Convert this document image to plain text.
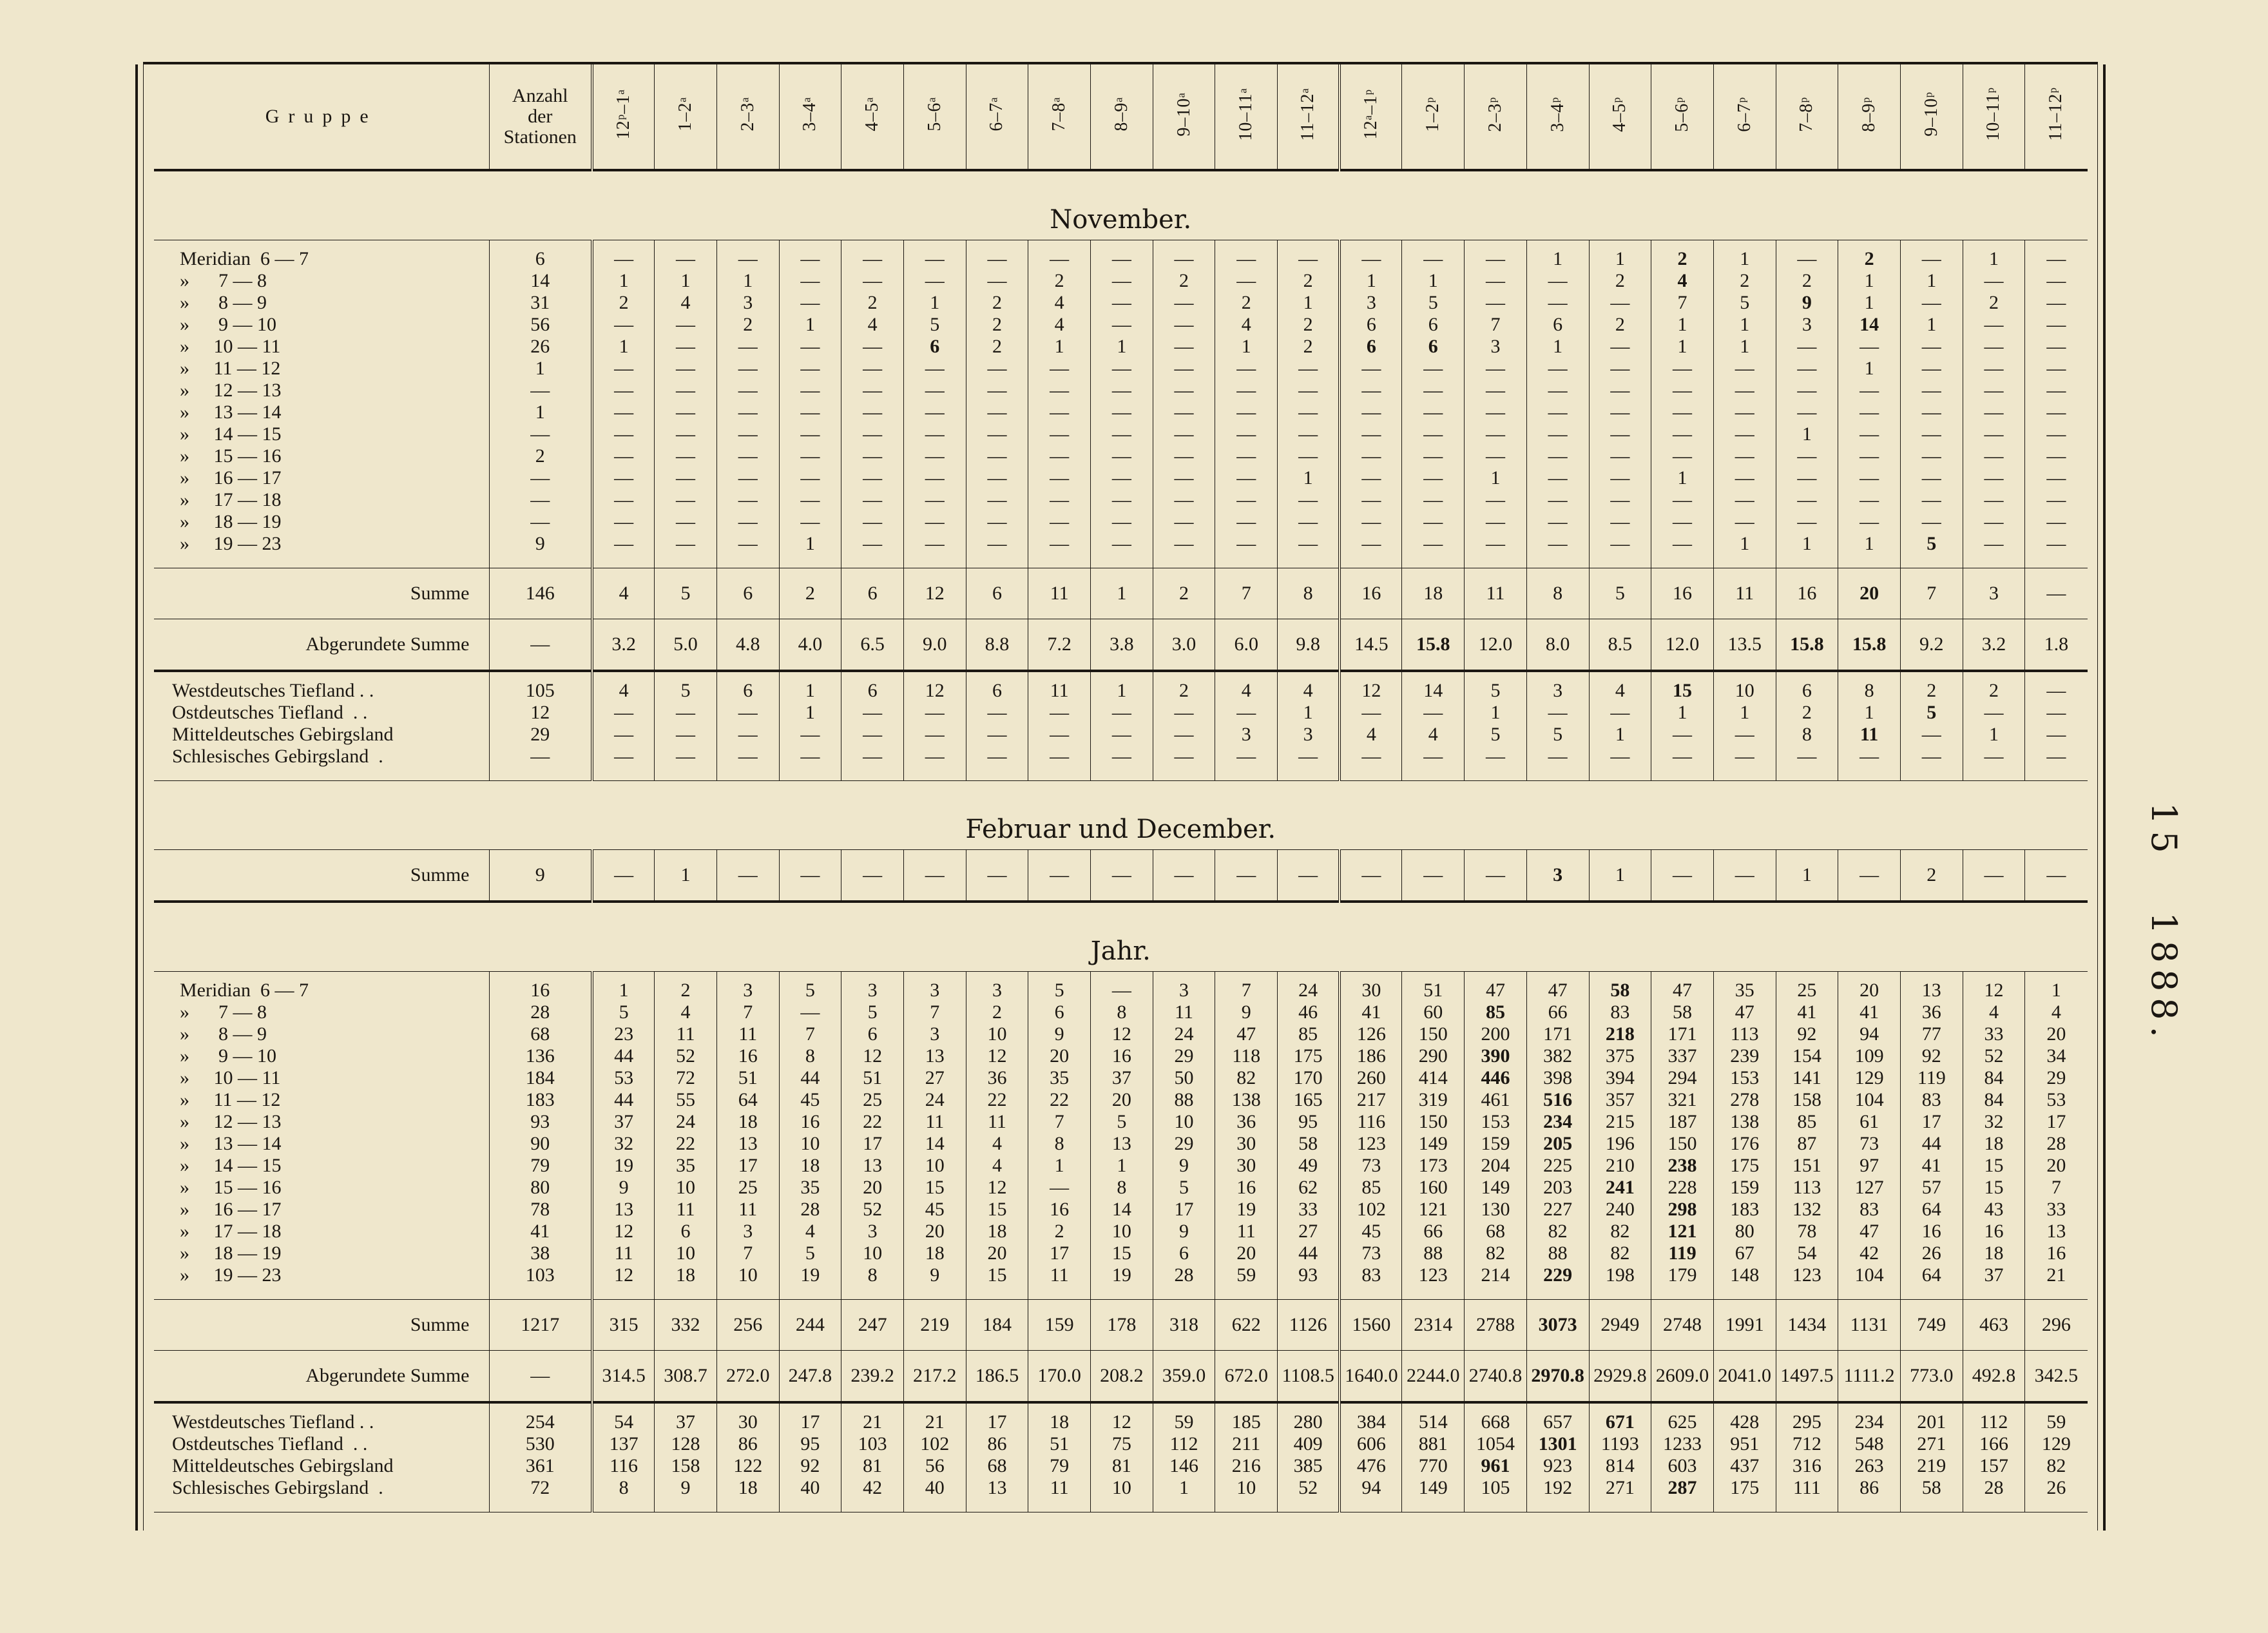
Gruppe	Anzahl
der
Stationen	12ᵖ–1ᵃ	1–2ᵃ	2–3ᵃ	3–4ᵃ	4–5ᵃ	5–6ᵃ	6–7ᵃ	7–8ᵃ	8–9ᵃ	9–10ᵃ	10–11ᵃ	11–12ᵃ	12ᵃ–1ᵖ	1–2ᵖ	2–3ᵖ	3–4ᵖ	4–5ᵖ	5–6ᵖ	6–7ᵖ	7–8ᵖ	8–9ᵖ	9–10ᵖ	10–11ᵖ	11–12ᵖ
November.																									
Meridian  6 — 7	6	—	—	—	—	—	—	—	—	—	—	—	—	—	—	—	1	1	2	1	—	2	—	1	—
»      7 — 8	14	1	1	1	—	—	—	—	2	—	2	—	2	1	1	—	—	2	4	2	2	1	1	—	—
»      8 — 9	31	2	4	3	—	2	1	2	4	—	—	2	1	3	5	—	—	—	7	5	9	1	—	2	—
»      9 — 10	56	—	—	2	1	4	5	2	4	—	—	4	2	6	6	7	6	2	1	1	3	14	1	—	—
»     10 — 11	26	1	—	—	—	—	6	2	1	1	—	1	2	6	6	3	1	—	1	1	—	—	—	—	—
»     11 — 12	1	—	—	—	—	—	—	—	—	—	—	—	—	—	—	—	—	—	—	—	—	1	—	—	—
»     12 — 13	—	—	—	—	—	—	—	—	—	—	—	—	—	—	—	—	—	—	—	—	—	—	—	—	—
»     13 — 14	1	—	—	—	—	—	—	—	—	—	—	—	—	—	—	—	—	—	—	—	—	—	—	—	—
»     14 — 15	—	—	—	—	—	—	—	—	—	—	—	—	—	—	—	—	—	—	—	—	1	—	—	—	—
»     15 — 16	2	—	—	—	—	—	—	—	—	—	—	—	—	—	—	—	—	—	—	—	—	—	—	—	—
»     16 — 17	—	—	—	—	—	—	—	—	—	—	—	—	1	—	—	1	—	—	1	—	—	—	—	—	—
»     17 — 18	—	—	—	—	—	—	—	—	—	—	—	—	—	—	—	—	—	—	—	—	—	—	—	—	—
»     18 — 19	—	—	—	—	—	—	—	—	—	—	—	—	—	—	—	—	—	—	—	—	—	—	—	—	—
»     19 — 23	9	—	—	—	1	—	—	—	—	—	—	—	—	—	—	—	—	—	—	1	1	1	5	—	—
Summe	146	4	5	6	2	6	12	6	11	1	2	7	8	16	18	11	8	5	16	11	16	20	7	3	—
Abgerundete Summe	—	3.2	5.0	4.8	4.0	6.5	9.0	8.8	7.2	3.8	3.0	6.0	9.8	14.5	15.8	12.0	8.0	8.5	12.0	13.5	15.8	15.8	9.2	3.2	1.8
Westdeutsches Tiefland . .	105	4	5	6	1	6	12	6	11	1	2	4	4	12	14	5	3	4	15	10	6	8	2	2	—
Ostdeutsches Tiefland  . .	12	—	—	—	1	—	—	—	—	—	—	—	1	—	—	1	—	—	1	1	2	1	5	—	—
Mitteldeutsches Gebirgsland	29	—	—	—	—	—	—	—	—	—	—	3	3	4	4	5	5	1	—	—	8	11	—	1	—
Schlesisches Gebirgsland  .	—	—	—	—	—	—	—	—	—	—	—	—	—	—	—	—	—	—	—	—	—	—	—	—	—
Februar und December.																									
Summe	9	—	1	—	—	—	—	—	—	—	—	—	—	—	—	—	3	1	—	—	1	—	2	—	—
Jahr.																									
Meridian  6 — 7	16	1	2	3	5	3	3	3	5	—	3	7	24	30	51	47	47	58	47	35	25	20	13	12	1
»      7 — 8	28	5	4	7	—	5	7	2	6	8	11	9	46	41	60	85	66	83	58	47	41	41	36	4	4
»      8 — 9	68	23	11	11	7	6	3	10	9	12	24	47	85	126	150	200	171	218	171	113	92	94	77	33	20
»      9 — 10	136	44	52	16	8	12	13	12	20	16	29	118	175	186	290	390	382	375	337	239	154	109	92	52	34
»     10 — 11	184	53	72	51	44	51	27	36	35	37	50	82	170	260	414	446	398	394	294	153	141	129	119	84	29
»     11 — 12	183	44	55	64	45	25	24	22	22	20	88	138	165	217	319	461	516	357	321	278	158	104	83	84	53
»     12 — 13	93	37	24	18	16	22	11	11	7	5	10	36	95	116	150	153	234	215	187	138	85	61	17	32	17
»     13 — 14	90	32	22	13	10	17	14	4	8	13	29	30	58	123	149	159	205	196	150	176	87	73	44	18	28
»     14 — 15	79	19	35	17	18	13	10	4	1	1	9	30	49	73	173	204	225	210	238	175	151	97	41	15	20
»     15 — 16	80	9	10	25	35	20	15	12	—	8	5	16	62	85	160	149	203	241	228	159	113	127	57	15	7
»     16 — 17	78	13	11	11	28	52	45	15	16	14	17	19	33	102	121	130	227	240	298	183	132	83	64	43	33
»     17 — 18	41	12	6	3	4	3	20	18	2	10	9	11	27	45	66	68	82	82	121	80	78	47	16	16	13
»     18 — 19	38	11	10	7	5	10	18	20	17	15	6	20	44	73	88	82	88	82	119	67	54	42	26	18	16
»     19 — 23	103	12	18	10	19	8	9	15	11	19	28	59	93	83	123	214	229	198	179	148	123	104	64	37	21
Summe	1217	315	332	256	244	247	219	184	159	178	318	622	1126	1560	2314	2788	3073	2949	2748	1991	1434	1131	749	463	296
Abgerundete Summe	—	314.5	308.7	272.0	247.8	239.2	217.2	186.5	170.0	208.2	359.0	672.0	1108.5	1640.0	2244.0	2740.8	2970.8	2929.8	2609.0	2041.0	1497.5	1111.2	773.0	492.8	342.5
Westdeutsches Tiefland . .	254	54	37	30	17	21	21	17	18	12	59	185	280	384	514	668	657	671	625	428	295	234	201	112	59
Ostdeutsches Tiefland  . .	530	137	128	86	95	103	102	86	51	75	112	211	409	606	881	1054	1301	1193	1233	951	712	548	271	166	129
Mitteldeutsches Gebirgsland	361	116	158	122	92	81	56	68	79	81	146	216	385	476	770	961	923	814	603	437	316	263	219	157	82
Schlesisches Gebirgsland  .	72	8	9	18	40	42	40	13	11	10	1	10	52	94	149	105	192	271	287	175	111	86	58	28	26
15   1888.
